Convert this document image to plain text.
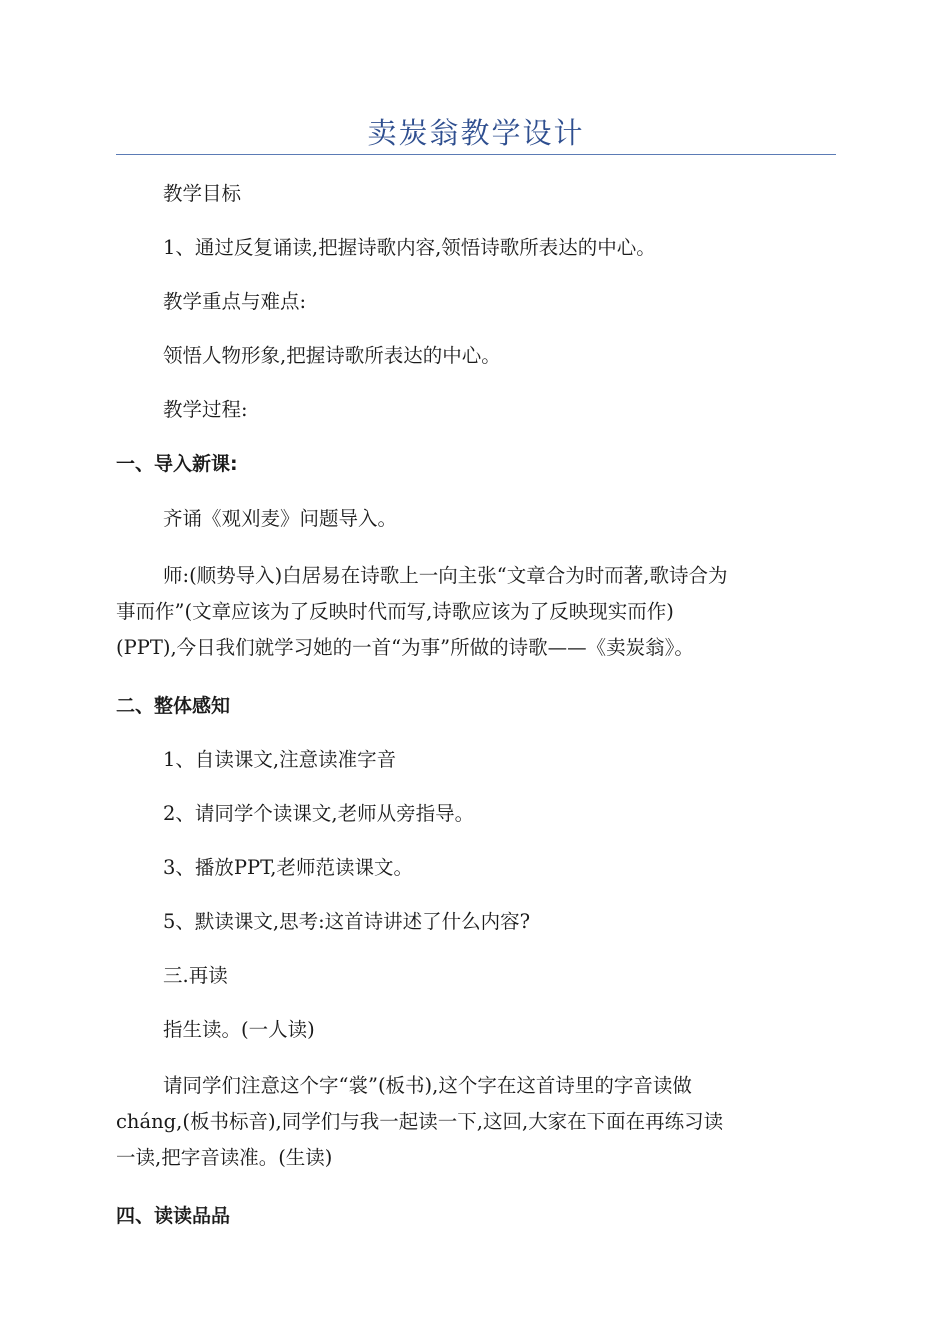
卖炭翁教学设计
教学目标
1、通过反复诵读,把握诗歌内容,领悟诗歌所表达的中心。
教学重点与难点:
领悟人物形象,把握诗歌所表达的中心。
教学过程:
一、导入新课:
齐诵《观刈麦》问题导入。
师:(顺势导入)白居易在诗歌上一向主张“文章合为时而著,歌诗合为
事而作”(文章应该为了反映时代而写,诗歌应该为了反映现实而作)
(PPT),今日我们就学习她的一首“为事”所做的诗歌——《卖炭翁》。
二、整体感知
1、自读课文,注意读准字音
2、请同学个读课文,老师从旁指导。
3、播放PPT,老师范读课文。
5、默读课文,思考:这首诗讲述了什么内容?
三.再读
指生读。(一人读)
请同学们注意这个字“裳”(板书),这个字在这首诗里的字音读做
cháng,(板书标音),同学们与我一起读一下,这回,大家在下面在再练习读
一读,把字音读准。(生读)
四、读读品品
